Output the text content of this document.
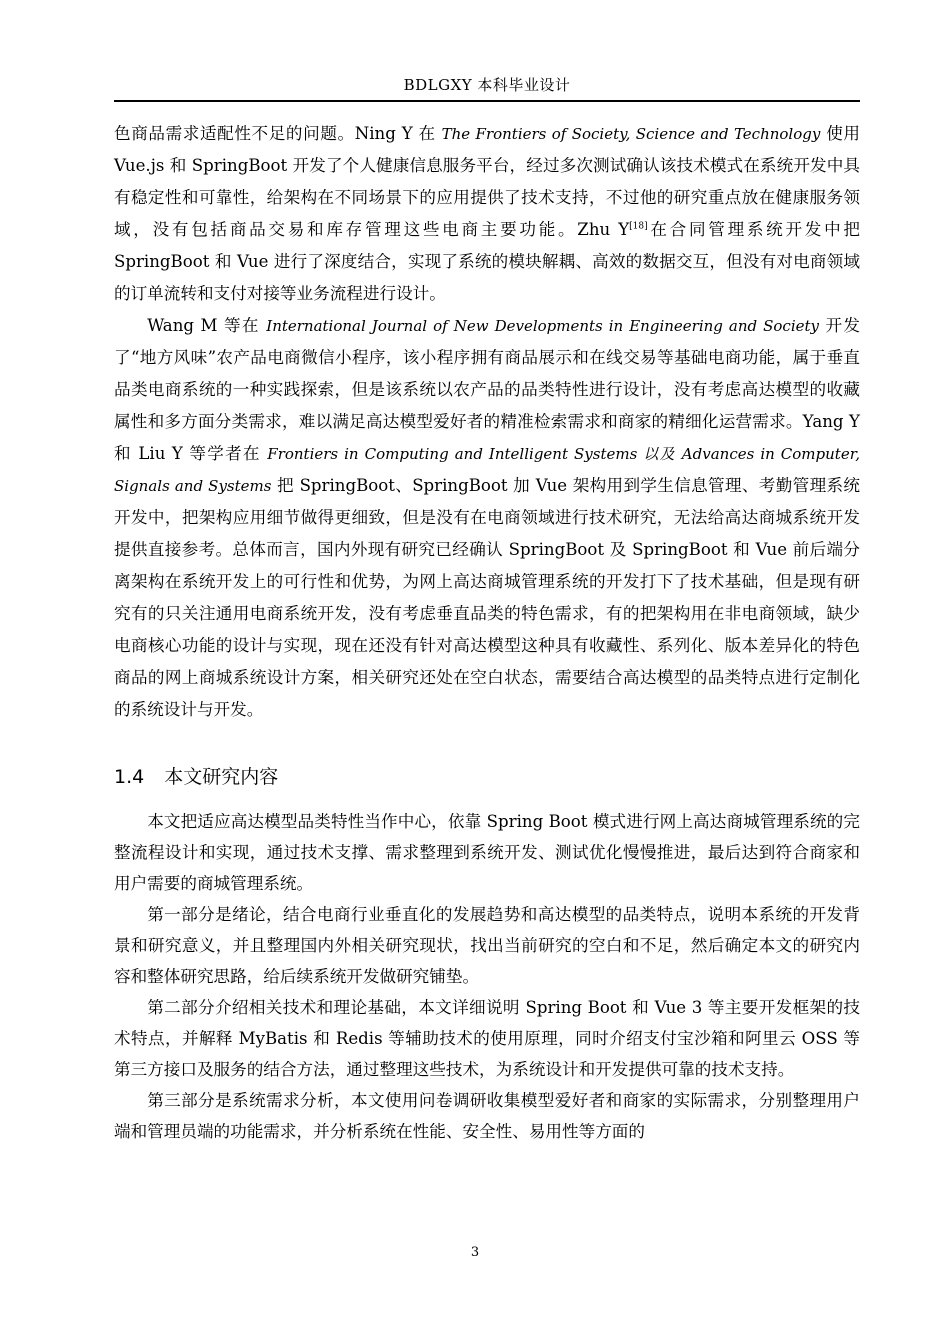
BDLGXY 本科毕业设计

色商品需求适配性不足的问题。Ning Y 在 The Frontiers of Society, Science and Technology 使用 Vue.js 和 SpringBoot 开发了个人健康信息服务平台，经过多次测试确认该技术模式在系统开发中具有稳定性和可靠性，给架构在不同场景下的应用提供了技术支持，不过他的研究重点放在健康服务领域，没有包括商品交易和库存管理这些电商主要功能。Zhu Y[18]在合同管理系统开发中把 SpringBoot 和 Vue 进行了深度结合，实现了系统的模块解耦、高效的数据交互，但没有对电商领域的订单流转和支付对接等业务流程进行设计。

Wang M 等在 International Journal of New Developments in Engineering and Society 开发了“地方风味”农产品电商微信小程序，该小程序拥有商品展示和在线交易等基础电商功能，属于垂直品类电商系统的一种实践探索，但是该系统以农产品的品类特性进行设计，没有考虑高达模型的收藏属性和多方面分类需求，难以满足高达模型爱好者的精准检索需求和商家的精细化运营需求。Yang Y 和 Liu Y 等学者在 Frontiers in Computing and Intelligent Systems 以及 Advances in Computer, Signals and Systems 把 SpringBoot、SpringBoot 加 Vue 架构用到学生信息管理、考勤管理系统开发中，把架构应用细节做得更细致，但是没有在电商领域进行技术研究，无法给高达商城系统开发提供直接参考。总体而言，国内外现有研究已经确认 SpringBoot 及 SpringBoot 和 Vue 前后端分离架构在系统开发上的可行性和优势，为网上高达商城管理系统的开发打下了技术基础，但是现有研究有的只关注通用电商系统开发，没有考虑垂直品类的特色需求，有的把架构用在非电商领域，缺少电商核心功能的设计与实现，现在还没有针对高达模型这种具有收藏性、系列化、版本差异化的特色商品的网上商城系统设计方案，相关研究还处在空白状态，需要结合高达模型的品类特点进行定制化的系统设计与开发。

1.4 本文研究内容

本文把适应高达模型品类特性当作中心，依靠 Spring Boot 模式进行网上高达商城管理系统的完整流程设计和实现，通过技术支撑、需求整理到系统开发、测试优化慢慢推进，最后达到符合商家和用户需要的商城管理系统。

第一部分是绪论，结合电商行业垂直化的发展趋势和高达模型的品类特点，说明本系统的开发背景和研究意义，并且整理国内外相关研究现状，找出当前研究的空白和不足，然后确定本文的研究内容和整体研究思路，给后续系统开发做研究铺垫。

第二部分介绍相关技术和理论基础，本文详细说明 Spring Boot 和 Vue 3 等主要开发框架的技术特点，并解释 MyBatis 和 Redis 等辅助技术的使用原理，同时介绍支付宝沙箱和阿里云 OSS 等第三方接口及服务的结合方法，通过整理这些技术，为系统设计和开发提供可靠的技术支持。

第三部分是系统需求分析，本文使用问卷调研收集模型爱好者和商家的实际需求，分别整理用户端和管理员端的功能需求，并分析系统在性能、安全性、易用性等方面的

3
